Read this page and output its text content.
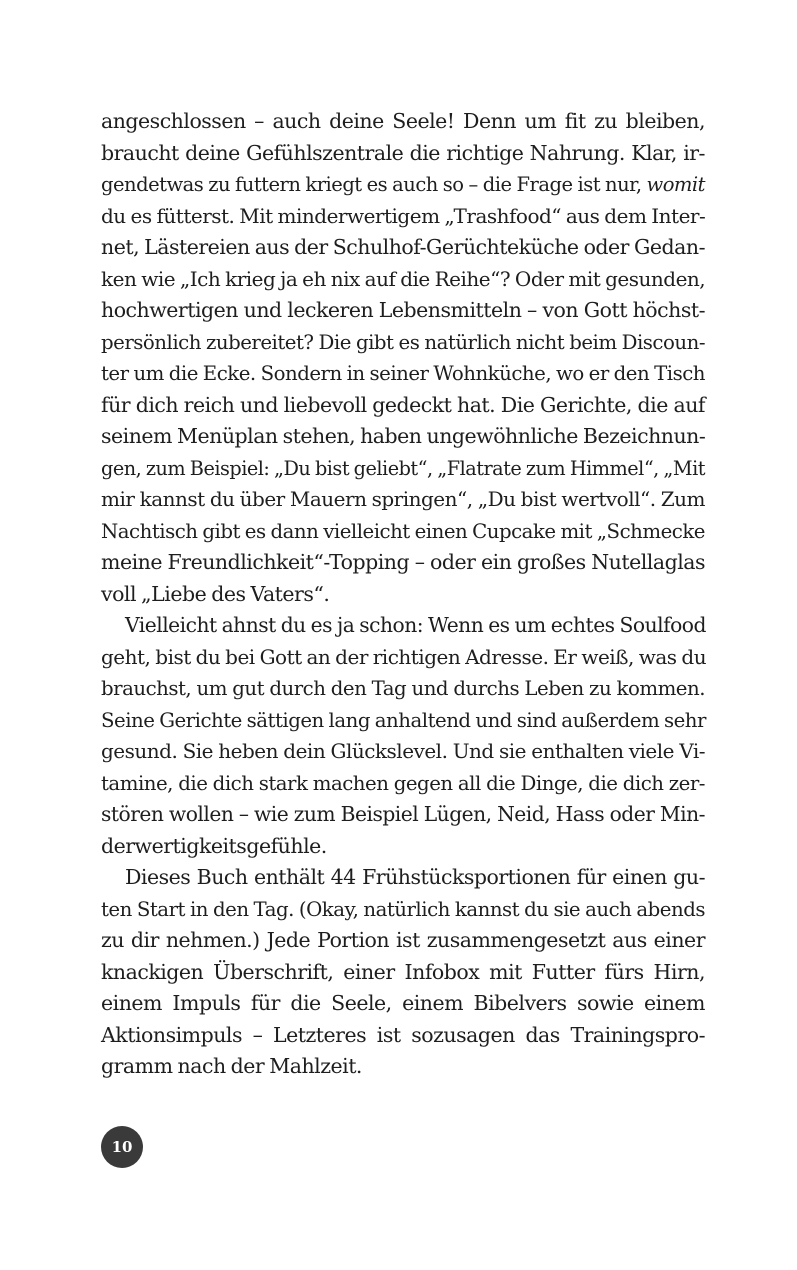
angeschlossen – auch deine Seele! Denn um fit zu bleiben,
braucht deine Gefühlszentrale die richtige Nahrung. Klar, ir-
gendetwas zu futtern kriegt es auch so – die Frage ist nur, womit
du es fütterst. Mit minderwertigem „Trashfood“ aus dem Inter-
net, Lästereien aus der Schulhof-Gerüchteküche oder Gedan-
ken wie „Ich krieg ja eh nix auf die Reihe“? Oder mit gesunden,
hochwertigen und leckeren Lebensmitteln – von Gott höchst-
persönlich zubereitet? Die gibt es natürlich nicht beim Discoun-
ter um die Ecke. Sondern in seiner Wohnküche, wo er den Tisch
für dich reich und liebevoll gedeckt hat. Die Gerichte, die auf
seinem Menüplan stehen, haben ungewöhnliche Bezeichnun-
gen, zum Beispiel: „Du bist geliebt“, „Flatrate zum Himmel“, „Mit
mir kannst du über Mauern springen“, „Du bist wertvoll“. Zum
Nachtisch gibt es dann vielleicht einen Cupcake mit „Schmecke
meine Freundlichkeit“-Topping – oder ein großes Nutellaglas
voll „Liebe des Vaters“.
Vielleicht ahnst du es ja schon: Wenn es um echtes Soulfood
geht, bist du bei Gott an der richtigen Adresse. Er weiß, was du
brauchst, um gut durch den Tag und durchs Leben zu kommen.
Seine Gerichte sättigen lang anhaltend und sind außerdem sehr
gesund. Sie heben dein Glückslevel. Und sie enthalten viele Vi-
tamine, die dich stark machen gegen all die Dinge, die dich zer-
stören wollen – wie zum Beispiel Lügen, Neid, Hass oder Min-
derwertigkeitsgefühle.
Dieses Buch enthält 44 Frühstücksportionen für einen gu-
ten Start in den Tag. (Okay, natürlich kannst du sie auch abends
zu dir nehmen.) Jede Portion ist zusammengesetzt aus einer
knackigen Überschrift, einer Infobox mit Futter fürs Hirn,
einem Impuls für die Seele, einem Bibelvers sowie einem
Aktionsimpuls – Letzteres ist sozusagen das Trainingspro-
gramm nach der Mahlzeit.
10
